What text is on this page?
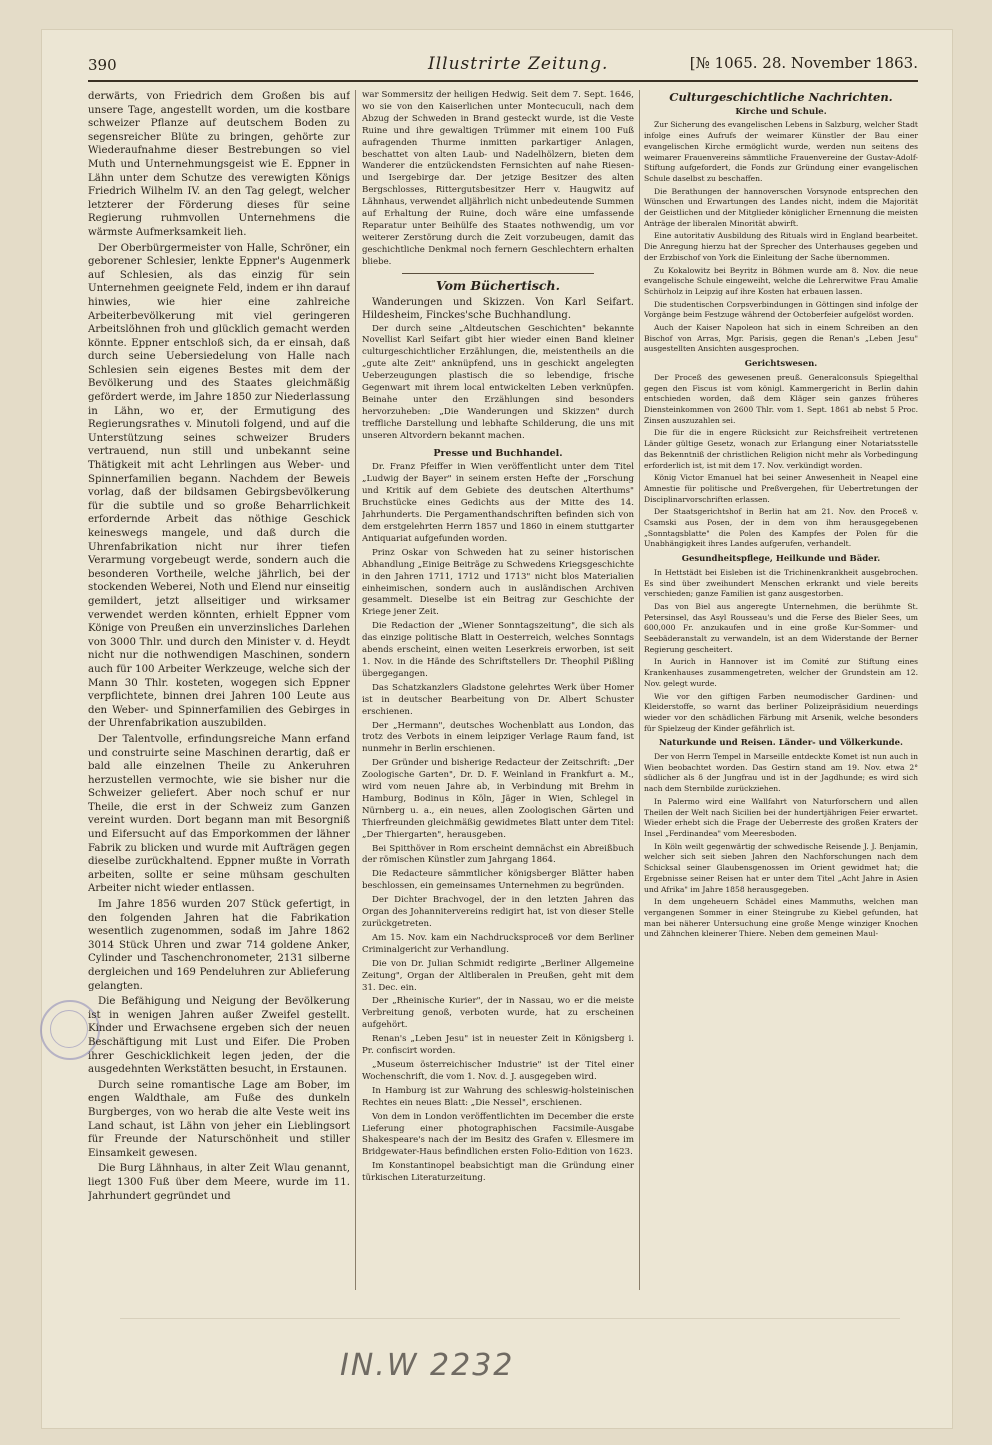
390	Illustrirte Zeitung.	[№ 1065. 28. November 1863.

derwärts, von Friedrich dem Großen bis auf unsere Tage, angestellt worden, um die kostbare schweizer Pflanze auf deutschem Boden zu segensreicher Blüte zu bringen, gehörte zur Wiederaufnahme dieser Bestrebungen so viel Muth und Unternehmungsgeist wie E. Eppner in Lähn unter dem Schutze des verewigten Königs Friedrich Wilhelm IV. an den Tag gelegt, welcher letzterer der Förderung dieses für seine Regierung ruhmvollen Unternehmens die wärmste Aufmerksamkeit lieh.

Der Oberbürgermeister von Halle, Schröner, ein geborener Schlesier, lenkte Eppner's Augenmerk auf Schlesien, als das einzig für sein Unternehmen geeignete Feld, indem er ihn darauf hinwies, wie hier eine zahlreiche Arbeiterbevölkerung mit viel geringeren Arbeitslöhnen froh und glücklich gemacht werden könnte. Eppner entschloß sich, da er einsah, daß durch seine Uebersiedelung von Halle nach Schlesien sein eigenes Bestes mit dem der Bevölkerung und des Staates gleichmäßig gefördert werde, im Jahre 1850 zur Niederlassung in Lähn, wo er, der Ermutigung des Regierungsrathes v. Minutoli folgend, und auf die Unterstützung seines schweizer Bruders vertrauend, nun still und unbekannt seine Thätigkeit mit acht Lehrlingen aus Weber- und Spinnerfamilien begann. Nachdem der Beweis vorlag, daß der bildsamen Gebirgsbevölkerung für die subtile und so große Beharrlichkeit erfordernde Arbeit das nöthige Geschick keineswegs mangele, und daß durch die Uhrenfabrikation nicht nur ihrer tiefen Verarmung vorgebeugt werde, sondern auch die besonderen Vortheile, welche jährlich, bei der stockenden Weberei, Noth und Elend nur einseitig gemildert, jetzt allseitiger und wirksamer verwendet werden könnten, erhielt Eppner vom Könige von Preußen ein unverzinsliches Darlehen von 3000 Thlr. und durch den Minister v. d. Heydt nicht nur die nothwendigen Maschinen, sondern auch für 100 Arbeiter Werkzeuge, welche sich der Mann 30 Thlr. kosteten, wogegen sich Eppner verpflichtete, binnen drei Jahren 100 Leute aus den Weber- und Spinnerfamilien des Gebirges in der Uhrenfabrikation auszubilden.

Der Talentvolle, erfindungsreiche Mann erfand und construirte seine Maschinen derartig, daß er bald alle einzelnen Theile zu Ankeruhren herzustellen vermochte, wie sie bisher nur die Schweizer geliefert. Aber noch schuf er nur Theile, die erst in der Schweiz zum Ganzen vereint wurden. Dort begann man mit Besorgniß und Eifersucht auf das Emporkommen der lähner Fabrik zu blicken und wurde mit Aufträgen gegen dieselbe zurückhaltend. Eppner mußte in Vorrath arbeiten, sollte er seine mühsam geschulten Arbeiter nicht wieder entlassen.

Im Jahre 1856 wurden 207 Stück gefertigt, in den folgenden Jahren hat die Fabrikation wesentlich zugenommen, sodaß im Jahre 1862 3014 Stück Uhren und zwar 714 goldene Anker, Cylinder und Taschenchronometer, 2131 silberne dergleichen und 169 Pendeluhren zur Ablieferung gelangten.

Die Befähigung und Neigung der Bevölkerung ist in wenigen Jahren außer Zweifel gestellt. Kinder und Erwachsene ergeben sich der neuen Beschäftigung mit Lust und Eifer. Die Proben ihrer Geschicklichkeit legen jeden, der die ausgedehnten Werkstätten besucht, in Erstaunen.

Durch seine romantische Lage am Bober, im engen Waldthale, am Fuße des dunkeln Burgberges, von wo herab die alte Veste weit ins Land schaut, ist Lähn von jeher ein Lieblingsort für Freunde der Naturschönheit und stiller Einsamkeit gewesen.

Die Burg Lähnhaus, in alter Zeit Wlau genannt, liegt 1300 Fuß über dem Meere, wurde im 11. Jahrhundert gegründet und

war Sommersitz der heiligen Hedwig. Seit dem 7. Sept. 1646, wo sie von den Kaiserlichen unter Montecuculi, nach dem Abzug der Schweden in Brand gesteckt wurde, ist die Veste Ruine und ihre gewaltigen Trümmer mit einem 100 Fuß aufragenden Thurme inmitten parkartiger Anlagen, beschattet von alten Laub- und Nadelhölzern, bieten dem Wanderer die entzückendsten Fernsichten auf nahe Riesen- und Isergebirge dar. Der jetzige Besitzer des alten Bergschlosses, Rittergutsbesitzer Herr v. Haugwitz auf Lähnhaus, verwendet alljährlich nicht unbedeutende Summen auf Erhaltung der Ruine, doch wäre eine umfassende Reparatur unter Beihülfe des Staates nothwendig, um vor weiterer Zerstörung durch die Zeit vorzubeugen, damit das geschichtliche Denkmal noch fernern Geschlechtern erhalten bliebe.

Vom Büchertisch.

Wanderungen und Skizzen. Von Karl Seifart. Hildesheim, Finckes'sche Buchhandlung.

Der durch seine „Altdeutschen Geschichten" bekannte Novellist Karl Seifart gibt hier wieder einen Band kleiner culturgeschichtlicher Erzählungen, die, meistentheils an die „gute alte Zeit" anknüpfend, uns in geschickt angelegten Ueberzeugungen plastisch die so lebendige, frische Gegenwart mit ihrem local entwickelten Leben verknüpfen. Beinahe unter den Erzählungen sind besonders hervorzuheben: „Die Wanderungen und Skizzen" durch treffliche Darstellung und lebhafte Schilderung, die uns mit unseren Altvordern bekannt machen.

Presse und Buchhandel.

Dr. Franz Pfeiffer in Wien veröffentlicht unter dem Titel „Ludwig der Bayer" in seinem ersten Hefte der „Forschung und Kritik auf dem Gebiete des deutschen Alterthums" Bruchstücke eines Gedichts aus der Mitte des 14. Jahrhunderts. Die Pergamenthandschriften befinden sich von dem erstgelehrten Herrn 1857 und 1860 in einem stuttgarter Antiquariat aufgefunden worden.

Prinz Oskar von Schweden hat zu seiner historischen Abhandlung „Einige Beiträge zu Schwedens Kriegsgeschichte in den Jahren 1711, 1712 und 1713" nicht blos Materialien einheimischen, sondern auch in ausländischen Archiven gesammelt. Dieselbe ist ein Beitrag zur Geschichte der Kriege jener Zeit.

Die Redaction der „Wiener Sonntagszeitung", die sich als das einzige politische Blatt in Oesterreich, welches Sonntags abends erscheint, einen weiten Leserkreis erworben, ist seit 1. Nov. in die Hände des Schriftstellers Dr. Theophil Pißling übergegangen.

Das Schatzkanzlers Gladstone gelehrtes Werk über Homer ist in deutscher Bearbeitung von Dr. Albert Schuster erschienen.

Der „Hermann", deutsches Wochenblatt aus London, das trotz des Verbots in einem leipziger Verlage Raum fand, ist nunmehr in Berlin erschienen.

Der Gründer und bisherige Redacteur der Zeitschrift: „Der Zoologische Garten", Dr. D. F. Weinland in Frankfurt a. M., wird vom neuen Jahre ab, in Verbindung mit Brehm in Hamburg, Bodinus in Köln, Jäger in Wien, Schlegel in Nürnberg u. a., ein neues, allen Zoologischen Gärten und Thierfreunden gleichmäßig gewidmetes Blatt unter dem Titel: „Der Thiergarten", herausgeben.

Bei Spitthöver in Rom erscheint demnächst ein Abreißbuch der römischen Künstler zum Jahrgang 1864.

Die Redacteure sämmtlicher königsberger Blätter haben beschlossen, ein gemeinsames Unternehmen zu begründen.

Der Dichter Brachvogel, der in den letzten Jahren das Organ des Johannitervereins redigirt hat, ist von dieser Stelle zurückgetreten.

Am 15. Nov. kam ein Nachdrucksproceß vor dem Berliner Criminalgericht zur Verhandlung.

Die von Dr. Julian Schmidt redigirte „Berliner Allgemeine Zeitung", Organ der Altliberalen in Preußen, geht mit dem 31. Dec. ein.

Der „Rheinische Kurier", der in Nassau, wo er die meiste Verbreitung genoß, verboten wurde, hat zu erscheinen aufgehört.

Renan's „Leben Jesu" ist in neuester Zeit in Königsberg i. Pr. confiscirt worden.

„Museum österreichischer Industrie" ist der Titel einer Wochenschrift, die vom 1. Nov. d. J. ausgegeben wird.

In Hamburg ist zur Wahrung des schleswig-holsteinischen Rechtes ein neues Blatt: „Die Nessel", erschienen.

Von dem in London veröffentlichten im December die erste Lieferung einer photographischen Facsimile-Ausgabe Shakespeare's nach der im Besitz des Grafen v. Ellesmere im Bridgewater-Haus befindlichen ersten Folio-Edition von 1623.

Im Konstantinopel beabsichtigt man die Gründung einer türkischen Literaturzeitung.

Culturgeschichtliche Nachrichten.
Kirche und Schule.

Zur Sicherung des evangelischen Lebens in Salzburg, welcher Stadt infolge eines Aufrufs der weimarer Künstler der Bau einer evangelischen Kirche ermöglicht wurde, werden nun seitens des weimarer Frauenvereins sämmtliche Frauenvereine der Gustav-Adolf-Stiftung aufgefordert, die Fonds zur Gründung einer evangelischen Schule daselbst zu beschaffen.

Die Berathungen der hannoverschen Vorsynode entsprechen den Wünschen und Erwartungen des Landes nicht, indem die Majorität der Geistlichen und der Mitglieder königlicher Ernennung die meisten Anträge der liberalen Minorität abwirft.

Eine autoritativ Ausbildung des Rituals wird in England bearbeitet. Die Anregung hierzu hat der Sprecher des Unterhauses gegeben und der Erzbischof von York die Einleitung der Sache übernommen.

Zu Kokalowitz bei Beyritz in Böhmen wurde am 8. Nov. die neue evangelische Schule eingeweiht, welche die Lehrerwitwe Frau Amalie Schürholz in Leipzig auf ihre Kosten hat erbauen lassen.

Die studentischen Corpsverbindungen in Göttingen sind infolge der Vorgänge beim Festzuge während der Octoberfeier aufgelöst worden.

Auch der Kaiser Napoleon hat sich in einem Schreiben an den Bischof von Arras, Mgr. Parisis, gegen die Renan's „Leben Jesu" ausgestellten Ansichten ausgesprochen.

Gerichtswesen.

Der Proceß des gewesenen preuß. Generalconsuls Spiegelthal gegen den Fiscus ist vom königl. Kammergericht in Berlin dahin entschieden worden, daß dem Kläger sein ganzes früheres Diensteinkommen von 2600 Thlr. vom 1. Sept. 1861 ab nebst 5 Proc. Zinsen auszuzahlen sei.

Die für die in engere Rücksicht zur Reichsfreiheit vertretenen Länder gültige Gesetz, wonach zur Erlangung einer Notariatsstelle das Bekenntniß der christlichen Religion nicht mehr als Vorbedingung erforderlich ist, ist mit dem 17. Nov. verkündigt worden.

König Victor Emanuel hat bei seiner Anwesenheit in Neapel eine Amnestie für politische und Preßvergehen, für Uebertretungen der Disciplinarvorschriften erlassen.

Der Staatsgerichtshof in Berlin hat am 21. Nov. den Proceß v. Csamski aus Posen, der in dem von ihm herausgegebenen „Sonntagsblatte" die Polen des Kampfes der Polen für die Unabhängigkeit ihres Landes aufgerufen, verhandelt.

Gesundheitspflege, Heilkunde und Bäder.

In Hettstädt bei Eisleben ist die Trichinenkrankheit ausgebrochen. Es sind über zweihundert Menschen erkrankt und viele bereits verschieden; ganze Familien ist ganz ausgestorben.

Das von Biel aus angeregte Unternehmen, die berühmte St. Petersinsel, das Asyl Rousseau's und die Ferse des Bieler Sees, um 600,000 Fr. anzukaufen und in eine große Kur-Sommer- und Seebäderanstalt zu verwandeln, ist an dem Widerstande der Berner Regierung gescheitert.

In Aurich in Hannover ist im Comité zur Stiftung eines Krankenhauses zusammengetreten, welcher der Grundstein am 12. Nov. gelegt wurde.

Wie vor den giftigen Farben neumodischer Gardinen- und Kleiderstoffe, so warnt das berliner Polizeipräsidium neuerdings wieder vor den schädlichen Färbung mit Arsenik, welche besonders für Spielzeug der Kinder gefährlich ist.

Naturkunde und Reisen. Länder- und Völkerkunde.

Der von Herrn Tempel in Marseille entdeckte Komet ist nun auch in Wien beobachtet worden. Das Gestirn stand am 19. Nov. etwa 2° südlicher als δ der Jungfrau und ist in der Jagdhunde; es wird sich nach dem Sternbilde zurückziehen.

In Palermo wird eine Wallfahrt von Naturforschern und allen Theilen der Welt nach Sicilien bei der hundertjährigen Feier erwartet. Wieder erhebt sich die Frage der Ueberreste des großen Kraters der Insel „Ferdinandea" vom Meeresboden.

In Köln weilt gegenwärtig der schwedische Reisende J. J. Benjamin, welcher sich seit sieben Jahren den Nachforschungen nach dem Schicksal seiner Glaubensgenossen im Orient gewidmet hat; die Ergebnisse seiner Reisen hat er unter dem Titel „Acht Jahre in Asien und Afrika" im Jahre 1858 herausgegeben.

In dem ungeheuern Schädel eines Mammuths, welchen man vergangenen Sommer in einer Steingrube zu Kiebel gefunden, hat man bei näherer Untersuchung eine große Menge winziger Knochen und Zähnchen kleinerer Thiere. Neben dem gemeinen Maul-

IN.W 2232
